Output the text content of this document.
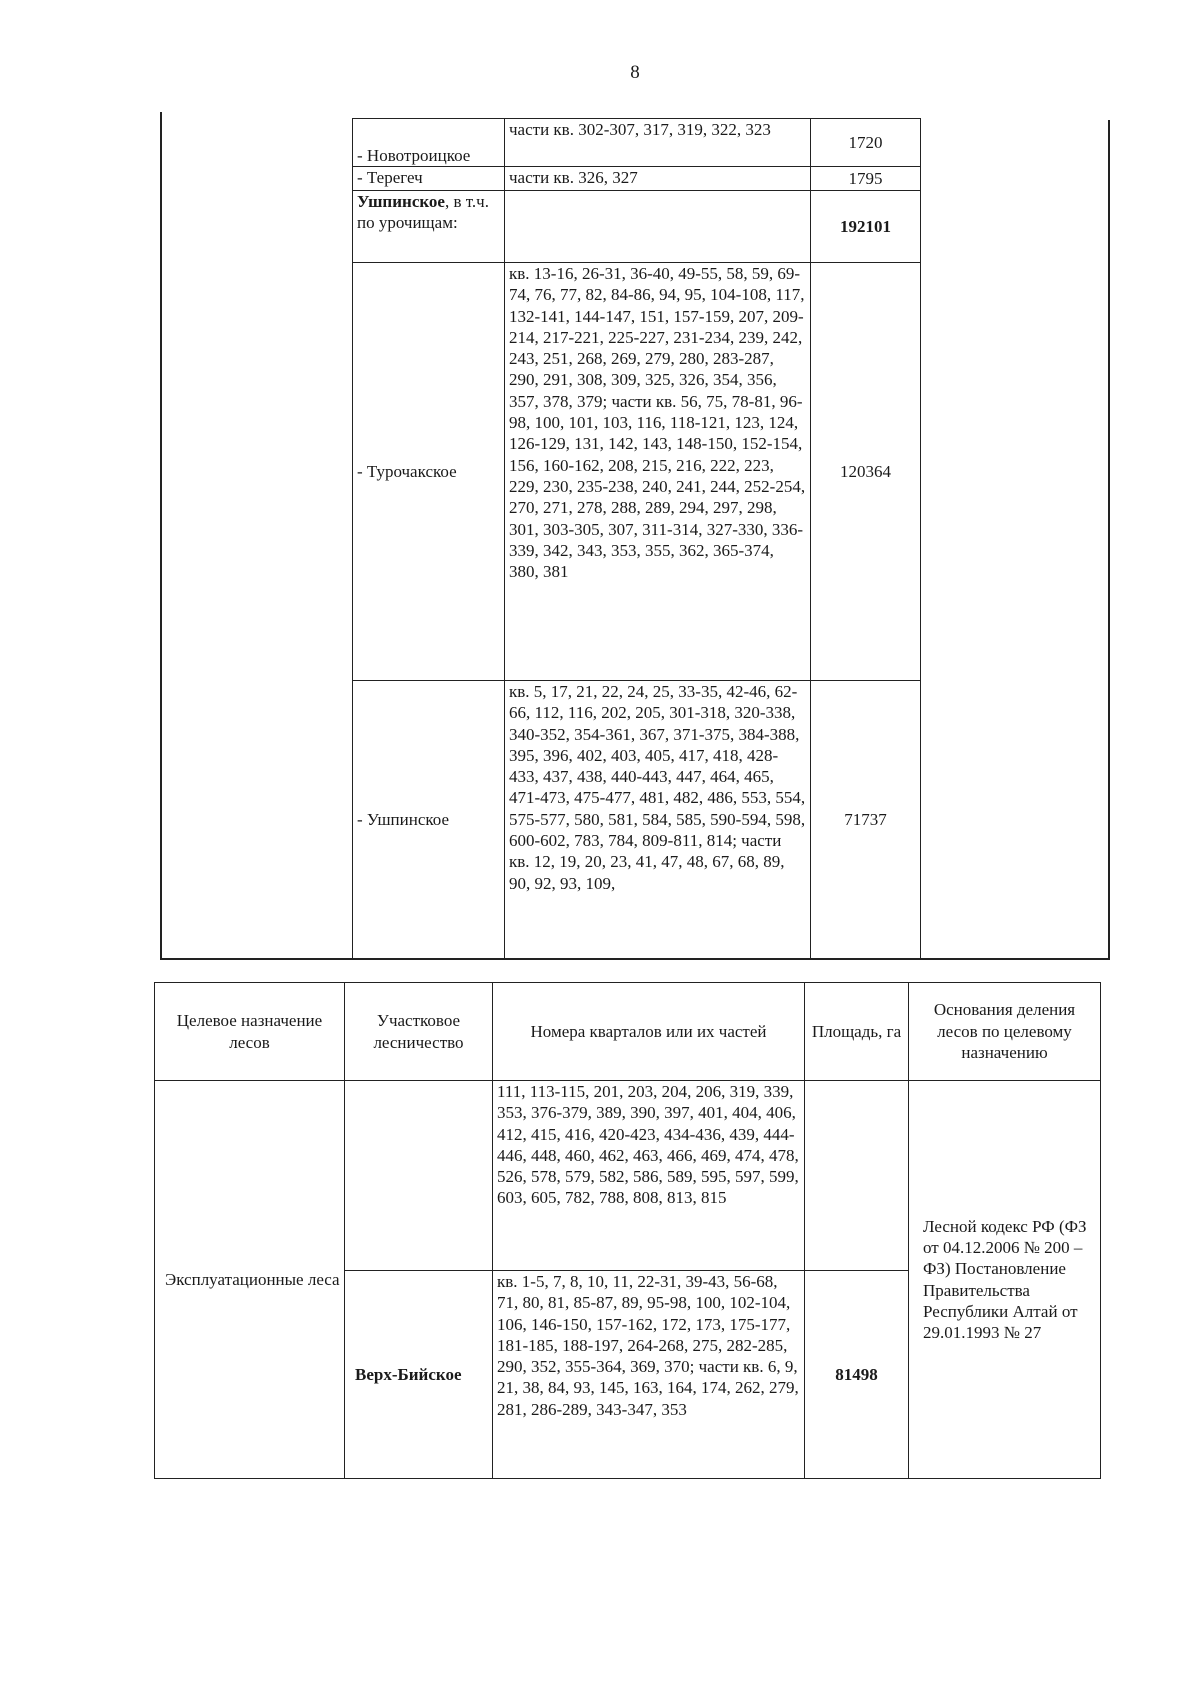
8
- Новотроицкое	части кв. 302-307, 317, 319, 322, 323	1720
- Терегеч	части кв. 326, 327	1795
Ушпинское, в т.ч. по урочищам:		192101
- Турочакское	кв. 13-16, 26-31, 36-40, 49-55, 58, 59, 69-74, 76, 77, 82, 84-86, 94, 95, 104-108, 117, 132-141, 144-147, 151, 157-159, 207, 209-214, 217-221, 225-227, 231-234, 239, 242, 243, 251, 268, 269, 279, 280, 283-287, 290, 291, 308, 309, 325, 326, 354, 356, 357, 378, 379; части кв. 56, 75, 78-81, 96-98, 100, 101, 103, 116, 118-121, 123, 124, 126-129, 131, 142, 143, 148-150, 152-154, 156, 160-162, 208, 215, 216, 222, 223, 229, 230, 235-238, 240, 241, 244, 252-254, 270, 271, 278, 288, 289, 294, 297, 298, 301, 303-305, 307, 311-314, 327-330, 336-339, 342, 343, 353, 355, 362, 365-374, 380, 381	120364
- Ушпинское	кв. 5, 17, 21, 22, 24, 25, 33-35, 42-46, 62-66, 112, 116, 202, 205, 301-318, 320-338, 340-352, 354-361, 367, 371-375, 384-388, 395, 396, 402, 403, 405, 417, 418, 428-433, 437, 438, 440-443, 447, 464, 465, 471-473, 475-477, 481, 482, 486, 553, 554, 575-577, 580, 581, 584, 585, 590-594, 598, 600-602, 783, 784, 809-811, 814; части кв. 12, 19, 20, 23, 41, 47, 48, 67, 68, 89, 90, 92, 93, 109,	71737
Целевое назначение лесов	Участковое лесничество	Номера кварталов или их частей	Площадь, га	Основания деления лесов по целевому назначению
Эксплуатационные леса		111, 113-115, 201, 203, 204, 206, 319, 339, 353, 376-379, 389, 390, 397, 401, 404, 406, 412, 415, 416, 420-423, 434-436, 439, 444-446, 448, 460, 462, 463, 466, 469, 474, 478, 526, 578, 579, 582, 586, 589, 595, 597, 599, 603, 605, 782, 788, 808, 813, 815		Лесной кодекс РФ (ФЗ от 04.12.2006 № 200 – ФЗ) Постановление Правительства Республики Алтай от 29.01.1993 № 27
	Верх-Бийское	кв. 1-5, 7, 8, 10, 11, 22-31, 39-43, 56-68, 71, 80, 81, 85-87, 89, 95-98, 100, 102-104, 106, 146-150, 157-162, 172, 173, 175-177, 181-185, 188-197, 264-268, 275, 282-285, 290, 352, 355-364, 369, 370; части кв. 6, 9, 21, 38, 84, 93, 145, 163, 164, 174, 262, 279, 281, 286-289, 343-347, 353	81498	
